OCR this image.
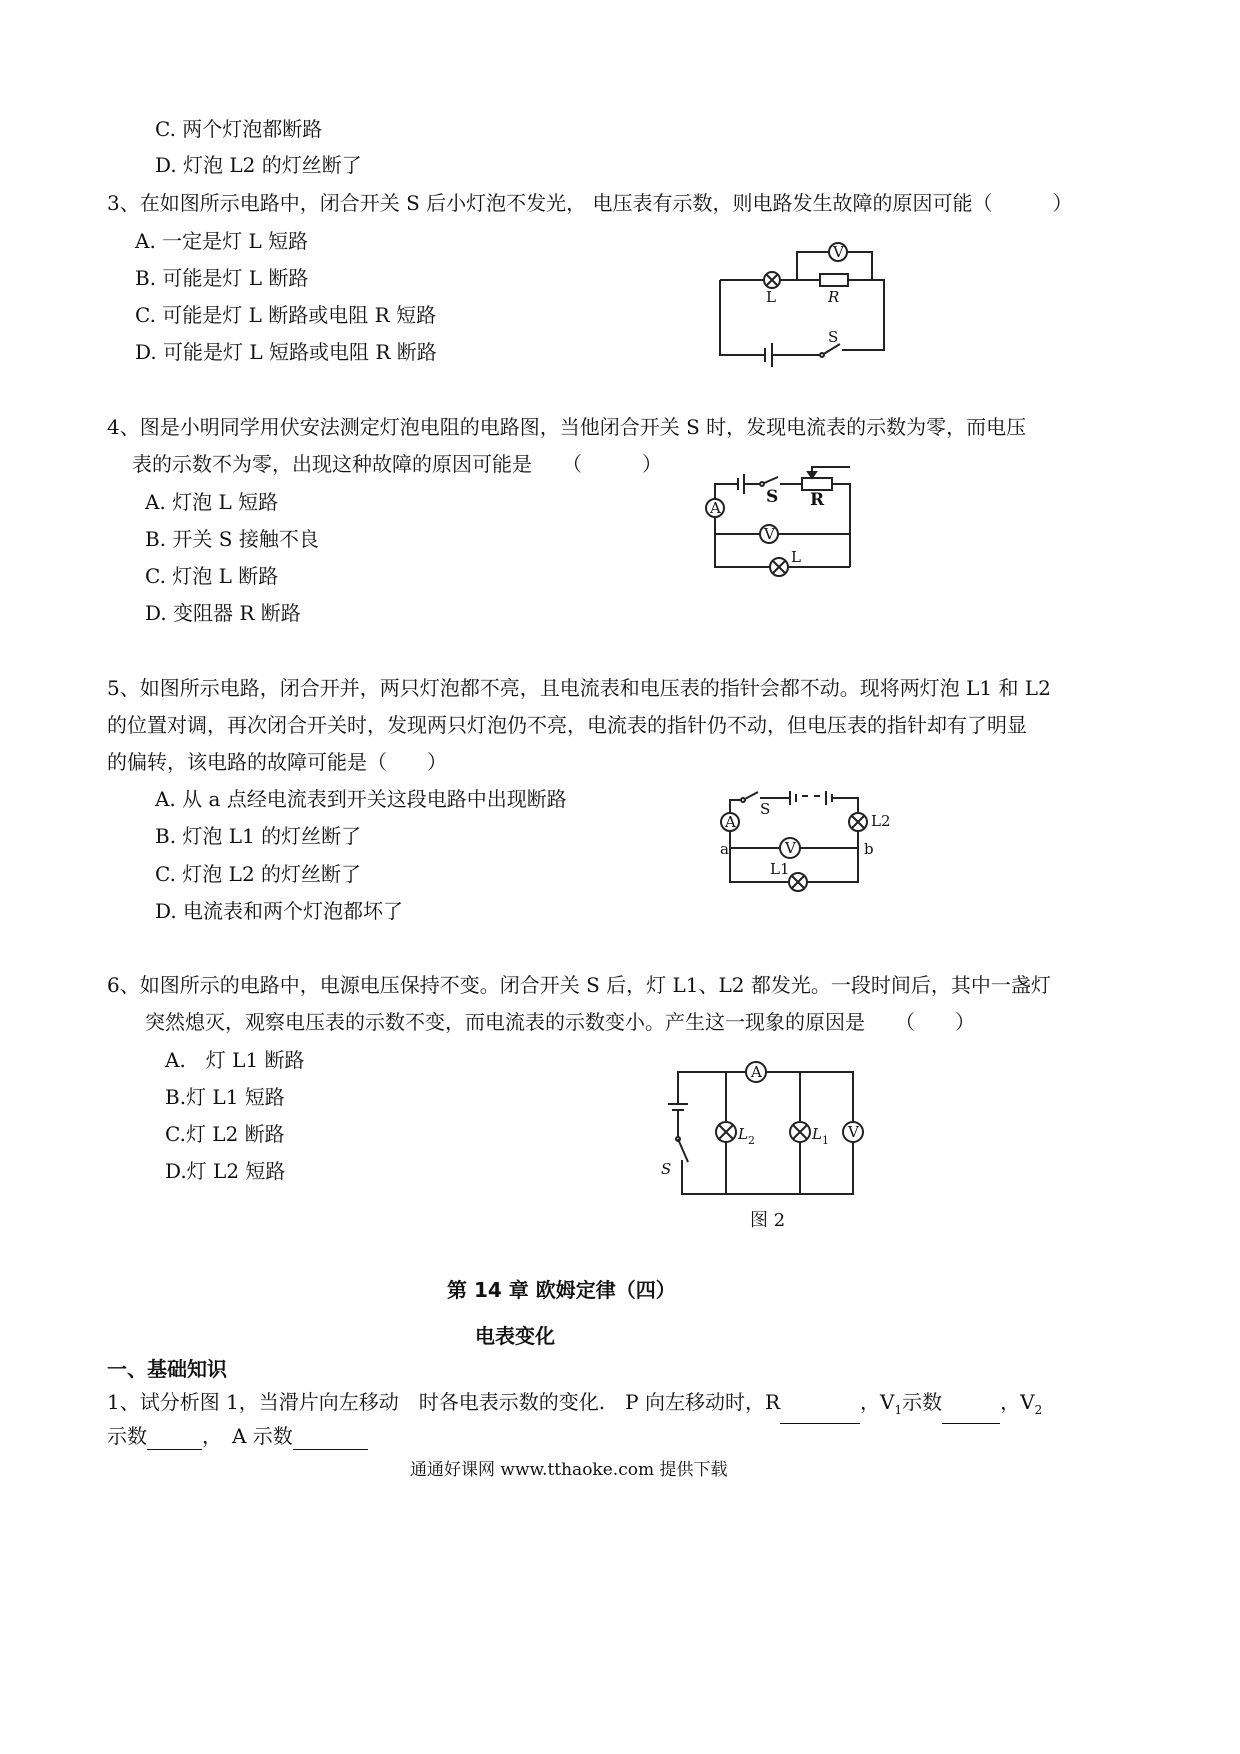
C. 两个灯泡都断路
D. 灯泡 L2 的灯丝断了
3、在如图所示电路中，闭合开关 S 后小灯泡不发光， 电压表有示数，则电路发生故障的原因可能（　　　）
A. 一定是灯 L 短路
B. 可能是灯 L 断路
C. 可能是灯 L 断路或电阻 R 短路
D. 可能是灯 L 短路或电阻 R 断路
V
L	R
S
4、图是小明同学用伏安法测定灯泡电阻的电路图，当他闭合开关 S 时，发现电流表的示数为零，而电压
表的示数不为零，出现这种故障的原因可能是　　（　　　）
A. 灯泡 L 短路
B. 开关 S 接触不良
C. 灯泡 L 断路
D. 变阻器 R 断路
A
S R
V
L
5、如图所示电路，闭合开并，两只灯泡都不亮，且电流表和电压表的指针会都不动。现将两灯泡 L1 和 L2
的位置对调，再次闭合开关时，发现两只灯泡仍不亮，电流表的指针仍不动，但电压表的指针却有了明显
的偏转，该电路的故障可能是（　　）
A. 从 a 点经电流表到开关这段电路中出现断路
B. 灯泡 L1 的灯丝断了
C. 灯泡 L2 的灯丝断了
D. 电流表和两个灯泡都坏了
A
S
V
L2
L1
a	b
6、如图所示的电路中，电源电压保持不变。闭合开关 S 后，灯 L1、L2 都发光。一段时间后，其中一盏灯
突然熄灭，观察电压表的示数不变，而电流表的示数变小。产生这一现象的原因是　　（　　）
A.　灯 L1 断路
B.灯 L1 短路
C.灯 L2 断路
D.灯 L2 短路
A
V
S
L 2	L 1
图 2
第 14 章 欧姆定律（四）
电表变化
一、基础知识
1、试分析图 1，当滑片向左移动　时各电表示数的变化.　P 向左移动时，R	，$V_1$示数	，$V_2$
示数	，　A 示数
通通好课网 www.tthaoke.com 提供下载
